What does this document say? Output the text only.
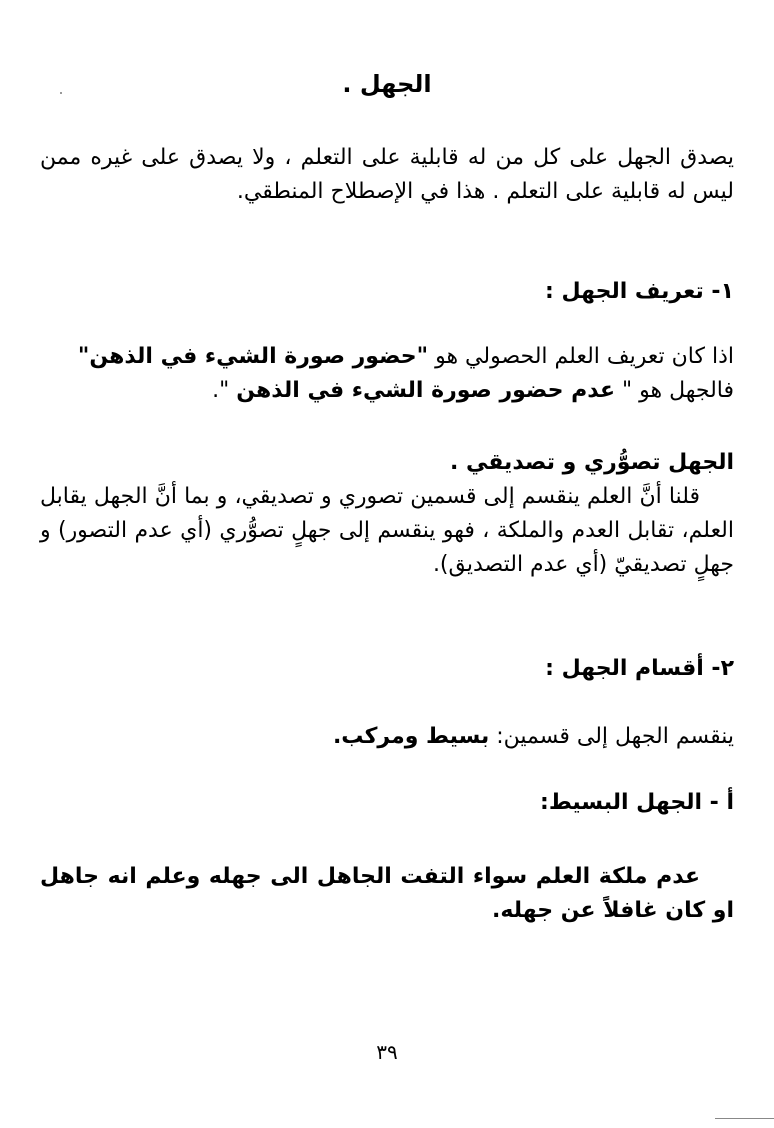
الجهل .

يصدق الجهل على كل من له قابلية على التعلم ، ولا يصدق على غيره ممن ليس له قابلية على التعلم . هذا في الإصطلاح المنطقي.

١- تعريف الجهل :

اذا كان تعريف العلم الحصولي هو "حضور صورة الشيء في الذهن"
فالجهل هو " عدم حضور صورة الشيء في الذهن ".

الجهل تصوُّري و تصديقي .

قلنا أنَّ العلم ينقسم إلى قسمين تصوري و تصديقي، و بما أنَّ الجهل يقابل العلم، تقابل العدم والملكة ، فهو ينقسم إلى جهلٍ تصوُّري (أي عدم التصور) و جهلٍ تصديقيّ (أي عدم التصديق).

٢- أقسام الجهل :

ينقسم الجهل إلى قسمين: بسيط ومركب.

أ - الجهل البسيط:

عدم ملكة العلم سواء التفت الجاهل الى جهله وعلم انه جاهل او كان غافلاً عن جهله.

٣٩
